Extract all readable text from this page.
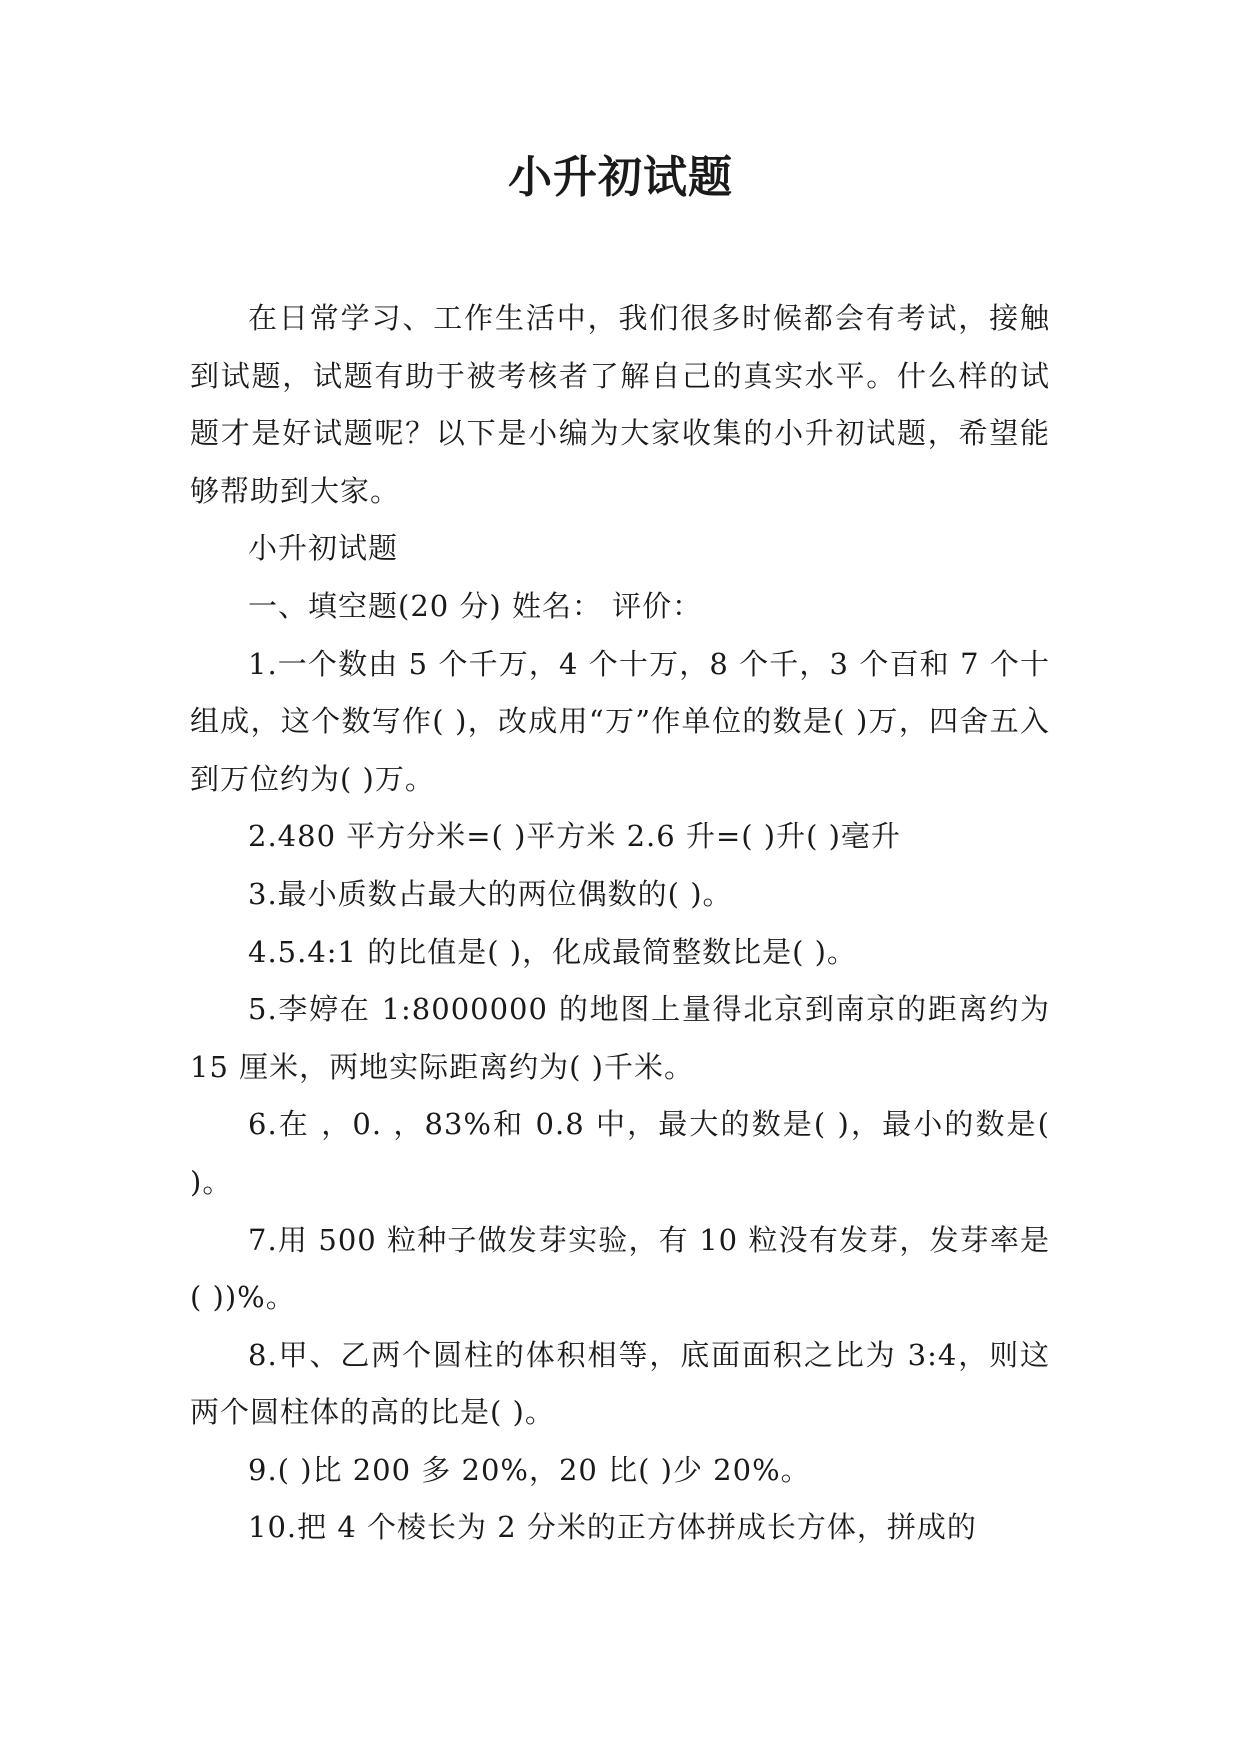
小升初试题

在日常学习、工作生活中，我们很多时候都会有考试，接触到试题，试题有助于被考核者了解自己的真实水平。什么样的试题才是好试题呢？以下是小编为大家收集的小升初试题，希望能够帮助到大家。

小升初试题

一、填空题(20 分) 姓名： 评价：

1.一个数由 5 个千万，4 个十万，8 个千，3 个百和 7 个十组成，这个数写作( )，改成用“万”作单位的数是( )万，四舍五入到万位约为( )万。

2.480 平方分米=( )平方米 2.6 升=( )升( )毫升

3.最小质数占最大的两位偶数的( )。

4.5.4:1 的比值是( )，化成最简整数比是( )。

5.李婷在 1:8000000 的地图上量得北京到南京的距离约为 15 厘米，两地实际距离约为( )千米。

6.在 ，0. ，83%和 0.8 中，最大的数是( )，最小的数是( )。

7.用 500 粒种子做发芽实验，有 10 粒没有发芽，发芽率是( ))%。

8.甲、乙两个圆柱的体积相等，底面面积之比为 3:4，则这两个圆柱体的高的比是( )。

9.( )比 200 多 20%，20 比( )少 20%。

10.把 4 个棱长为 2 分米的正方体拼成长方体，拼成的
